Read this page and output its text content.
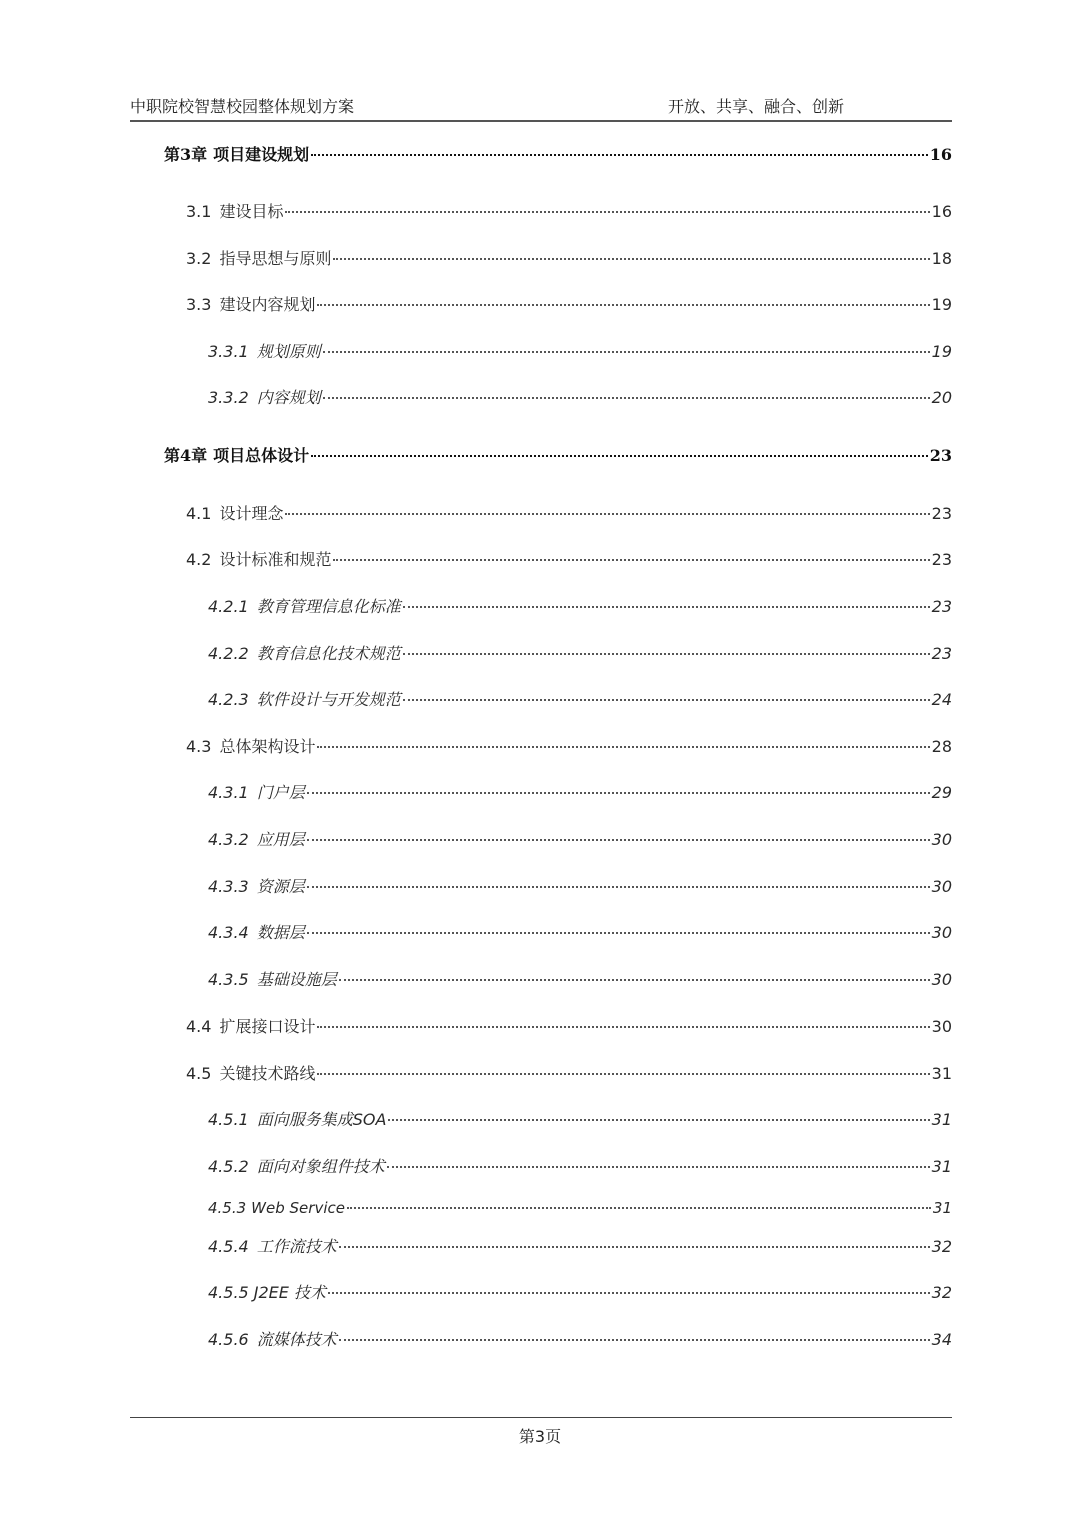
中职院校智慧校园整体规划方案	开放、共享、融合、创新
第3章 项目建设规划	16
3.1 建设目标	16
3.2 指导思想与原则	18
3.3 建设内容规划	19
3.3.1 规划原则	19
3.3.2 内容规划	20
第4章 项目总体设计	23
4.1 设计理念	23
4.2 设计标准和规范	23
4.2.1 教育管理信息化标准	23
4.2.2 教育信息化技术规范	23
4.2.3 软件设计与开发规范	24
4.3 总体架构设计	28
4.3.1 门户层	29
4.3.2 应用层	30
4.3.3 资源层	30
4.3.4 数据层	30
4.3.5 基础设施层	30
4.4 扩展接口设计	30
4.5 关键技术路线	31
4.5.1 面向服务集成SOA	31
4.5.2 面向对象组件技术	31
4.5.3 Web Service	31
4.5.4 工作流技术	32
4.5.5 J2EE 技术	32
4.5.6 流媒体技术	34
第3页
